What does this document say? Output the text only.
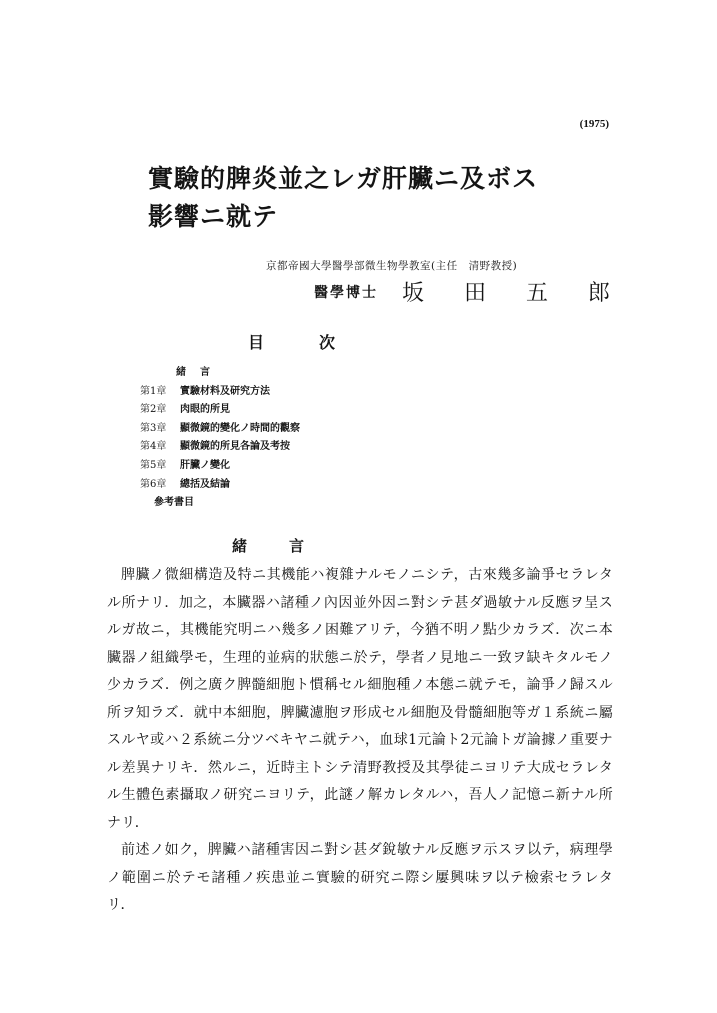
(1975)
實驗的脾炎並之レガ肝臟ニ及ボス
影響ニ就テ
京都帝國大學醫學部微生物學教室(主任　清野教授)
醫學博士 坂田五郎
目次
緒言
第1章 實驗材料及研究方法
第2章 肉眼的所見
第3章 顯微鏡的變化ノ時間的觀察
第4章 顯微鏡的所見各論及考按
第5章 肝臟ノ變化
第6章 總括及結論
參考書目
緒言

脾臟ノ微細構造及特ニ其機能ハ複雜ナルモノニシテ，古來幾多論爭セラレタル所ナリ．加之，本臟器ハ諸種ノ內因並外因ニ對シテ甚ダ過敏ナル反應ヲ呈スルガ故ニ，其機能究明ニハ幾多ノ困難アリテ，今猶不明ノ點少カラズ．次ニ本臟器ノ組織學モ，生理的並病的狀態ニ於テ，學者ノ見地ニ一致ヲ缺キタルモノ少カラズ．例之廣ク脾髓細胞ト慣稱セル細胞種ノ本態ニ就テモ，論爭ノ歸スル所ヲ知ラズ．就中本細胞，脾臟濾胞ヲ形成セル細胞及骨髓細胞等ガ１系統ニ屬スルヤ或ハ２系統ニ分ツベキヤニ就テハ，血球1元論ト2元論トガ論據ノ重要ナル差異ナリキ．然ルニ，近時主トシテ清野教授及其學徒ニヨリテ大成セラレタル生體色素攝取ノ研究ニヨリテ，此謎ノ解カレタルハ，吾人ノ記憶ニ新ナル所ナリ．

前述ノ如ク，脾臟ハ諸種害因ニ對シ甚ダ銳敏ナル反應ヲ示スヲ以テ，病理學ノ範圍ニ於テモ諸種ノ疾患並ニ實驗的研究ニ際シ屢興味ヲ以テ檢索セラレタリ．
